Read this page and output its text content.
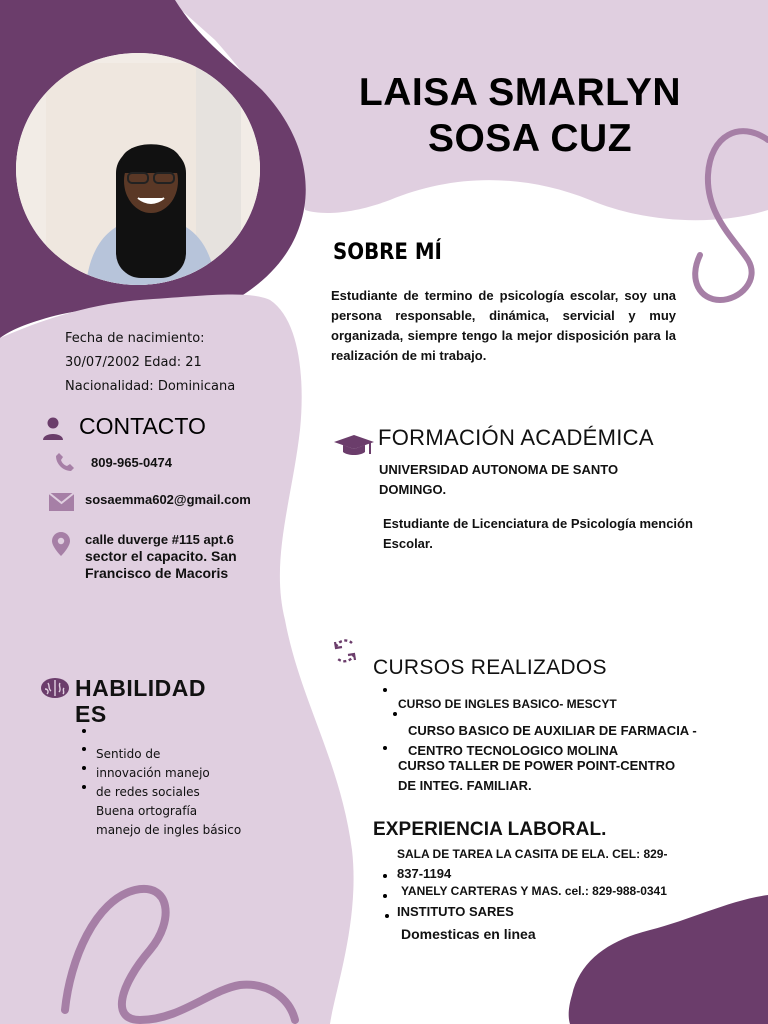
LAISA SMARLYN
SOSA CUZ
SOBRE MÍ
Estudiante de termino de psicología escolar, soy una persona responsable, dinámica, servicial y muy organizada, siempre tengo la mejor disposición para la realización de mi trabajo.
Fecha de nacimiento:
30/07/2002 Edad: 21
Nacionalidad: Dominicana
CONTACTO
809-965-0474
sosaemma602@gmail.com
calle duverge #115 apt.6
sector el capacito. San
Francisco de Macoris
HABILIDAD
ES
Sentido de
innovación manejo
de redes sociales
Buena ortografía
manejo de ingles básico
FORMACIÓN ACADÉMICA
UNIVERSIDAD AUTONOMA DE SANTO
DOMINGO.
Estudiante de Licenciatura de Psicología mención
Escolar.
CURSOS REALIZADOS
CURSO DE INGLES BASICO- MESCYT
CURSO BASICO DE AUXILIAR DE FARMACIA -
CENTRO TECNOLOGICO MOLINA
CURSO TALLER DE POWER POINT-CENTRO
DE INTEG. FAMILIAR.
EXPERIENCIA LABORAL.
SALA DE TAREA LA CASITA DE ELA. CEL: 829-
837-1194
YANELY CARTERAS Y MAS. cel.: 829-988-0341
INSTITUTO SARES
Domesticas en linea
